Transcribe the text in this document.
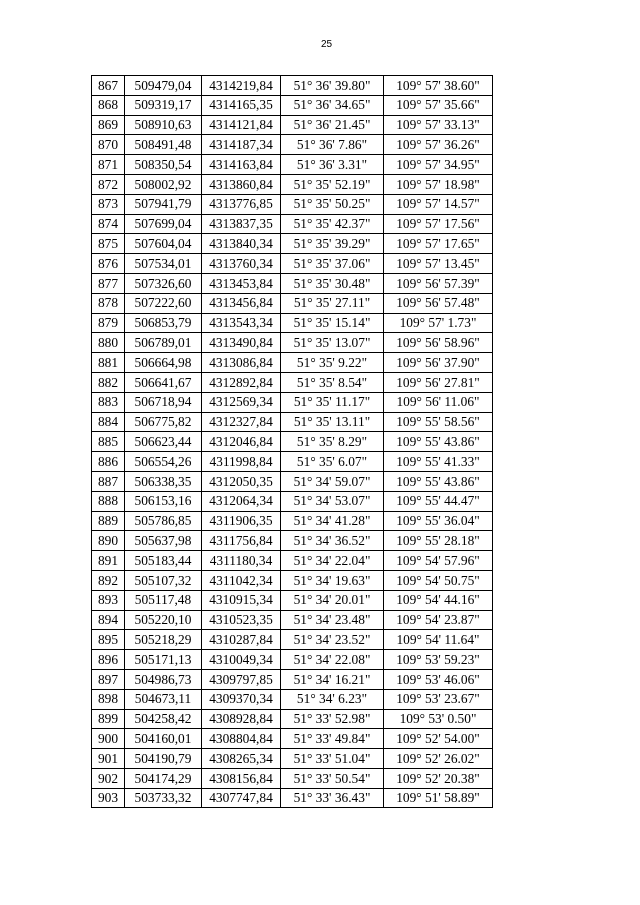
25
867	509479,04	4314219,84	51° 36' 39.80"	109° 57' 38.60"
868	509319,17	4314165,35	51° 36' 34.65"	109° 57' 35.66"
869	508910,63	4314121,84	51° 36' 21.45"	109° 57' 33.13"
870	508491,48	4314187,34	51° 36' 7.86"	109° 57' 36.26"
871	508350,54	4314163,84	51° 36' 3.31"	109° 57' 34.95"
872	508002,92	4313860,84	51° 35' 52.19"	109° 57' 18.98"
873	507941,79	4313776,85	51° 35' 50.25"	109° 57' 14.57"
874	507699,04	4313837,35	51° 35' 42.37"	109° 57' 17.56"
875	507604,04	4313840,34	51° 35' 39.29"	109° 57' 17.65"
876	507534,01	4313760,34	51° 35' 37.06"	109° 57' 13.45"
877	507326,60	4313453,84	51° 35' 30.48"	109° 56' 57.39"
878	507222,60	4313456,84	51° 35' 27.11"	109° 56' 57.48"
879	506853,79	4313543,34	51° 35' 15.14"	109° 57' 1.73"
880	506789,01	4313490,84	51° 35' 13.07"	109° 56' 58.96"
881	506664,98	4313086,84	51° 35' 9.22"	109° 56' 37.90"
882	506641,67	4312892,84	51° 35' 8.54"	109° 56' 27.81"
883	506718,94	4312569,34	51° 35' 11.17"	109° 56' 11.06"
884	506775,82	4312327,84	51° 35' 13.11"	109° 55' 58.56"
885	506623,44	4312046,84	51° 35' 8.29"	109° 55' 43.86"
886	506554,26	4311998,84	51° 35' 6.07"	109° 55' 41.33"
887	506338,35	4312050,35	51° 34' 59.07"	109° 55' 43.86"
888	506153,16	4312064,34	51° 34' 53.07"	109° 55' 44.47"
889	505786,85	4311906,35	51° 34' 41.28"	109° 55' 36.04"
890	505637,98	4311756,84	51° 34' 36.52"	109° 55' 28.18"
891	505183,44	4311180,34	51° 34' 22.04"	109° 54' 57.96"
892	505107,32	4311042,34	51° 34' 19.63"	109° 54' 50.75"
893	505117,48	4310915,34	51° 34' 20.01"	109° 54' 44.16"
894	505220,10	4310523,35	51° 34' 23.48"	109° 54' 23.87"
895	505218,29	4310287,84	51° 34' 23.52"	109° 54' 11.64"
896	505171,13	4310049,34	51° 34' 22.08"	109° 53' 59.23"
897	504986,73	4309797,85	51° 34' 16.21"	109° 53' 46.06"
898	504673,11	4309370,34	51° 34' 6.23"	109° 53' 23.67"
899	504258,42	4308928,84	51° 33' 52.98"	109° 53' 0.50"
900	504160,01	4308804,84	51° 33' 49.84"	109° 52' 54.00"
901	504190,79	4308265,34	51° 33' 51.04"	109° 52' 26.02"
902	504174,29	4308156,84	51° 33' 50.54"	109° 52' 20.38"
903	503733,32	4307747,84	51° 33' 36.43"	109° 51' 58.89"
